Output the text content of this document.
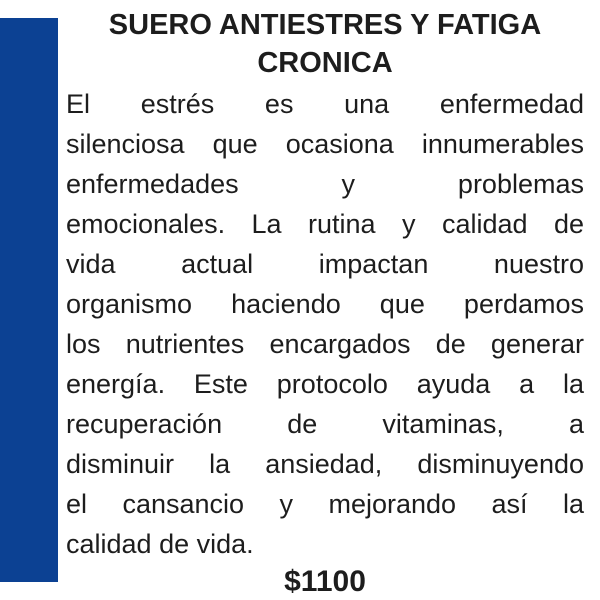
SUERO ANTIESTRES Y FATIGA
CRONICA
El estrés es una enfermedad
silenciosa que ocasiona innumerables
enfermedades y problemas
emocionales. La rutina y calidad de
vida actual impactan nuestro
organismo haciendo que perdamos
los nutrientes encargados de generar
energía. Este protocolo ayuda a la
recuperación de vitaminas, a
disminuir la ansiedad, disminuyendo
el cansancio y mejorando así la
calidad de vida.
$1100
